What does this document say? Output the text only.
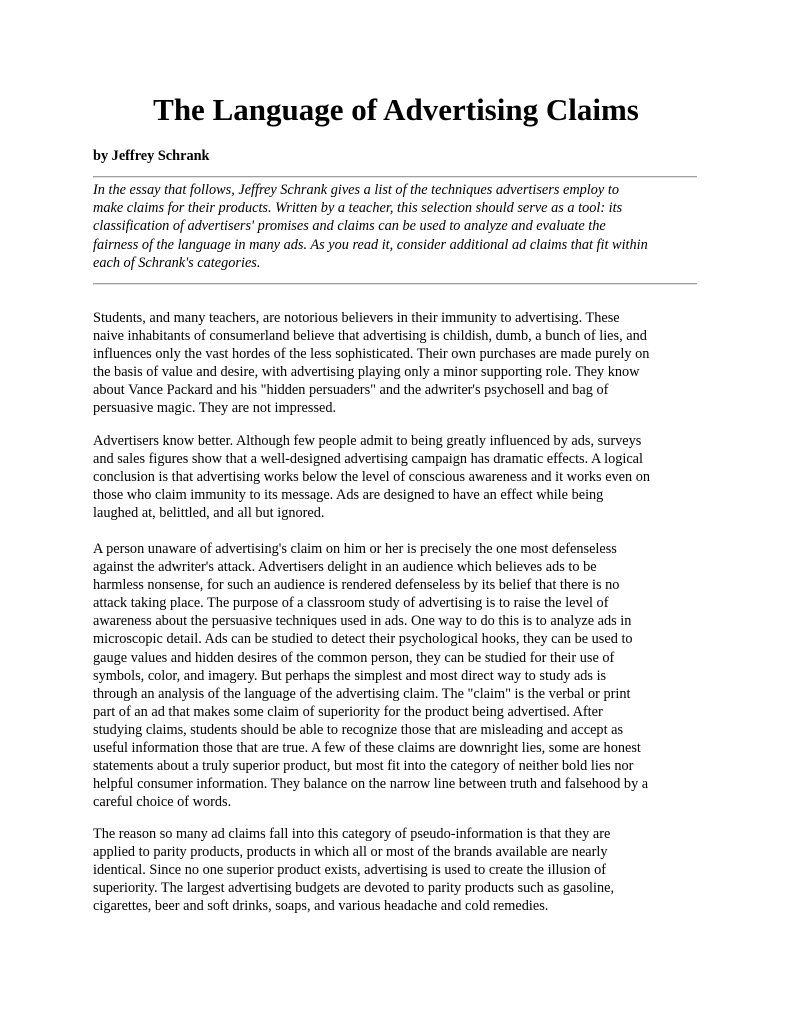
The Language of Advertising Claims
by Jeffrey Schrank

In the essay that follows, Jeffrey Schrank gives a list of the techniques advertisers employ to
make claims for their products. Written by a teacher, this selection should serve as a tool: its
classification of advertisers' promises and claims can be used to analyze and evaluate the
fairness of the language in many ads. As you read it, consider additional ad claims that fit within
each of Schrank's categories.

Students, and many teachers, are notorious believers in their immunity to advertising. These
naive inhabitants of consumerland believe that advertising is childish, dumb, a bunch of lies, and
influences only the vast hordes of the less sophisticated. Their own purchases are made purely on
the basis of value and desire, with advertising playing only a minor supporting role. They know
about Vance Packard and his "hidden persuaders" and the adwriter's psychosell and bag of
persuasive magic. They are not impressed.

Advertisers know better. Although few people admit to being greatly influenced by ads, surveys
and sales figures show that a well-designed advertising campaign has dramatic effects. A logical
conclusion is that advertising works below the level of conscious awareness and it works even on
those who claim immunity to its message. Ads are designed to have an effect while being
laughed at, belittled, and all but ignored.

A person unaware of advertising's claim on him or her is precisely the one most defenseless
against the adwriter's attack. Advertisers delight in an audience which believes ads to be
harmless nonsense, for such an audience is rendered defenseless by its belief that there is no
attack taking place. The purpose of a classroom study of advertising is to raise the level of
awareness about the persuasive techniques used in ads. One way to do this is to analyze ads in
microscopic detail. Ads can be studied to detect their psychological hooks, they can be used to
gauge values and hidden desires of the common person, they can be studied for their use of
symbols, color, and imagery. But perhaps the simplest and most direct way to study ads is
through an analysis of the language of the advertising claim. The "claim" is the verbal or print
part of an ad that makes some claim of superiority for the product being advertised. After
studying claims, students should be able to recognize those that are misleading and accept as
useful information those that are true. A few of these claims are downright lies, some are honest
statements about a truly superior product, but most fit into the category of neither bold lies nor
helpful consumer information. They balance on the narrow line between truth and falsehood by a
careful choice of words.

The reason so many ad claims fall into this category of pseudo-information is that they are
applied to parity products, products in which all or most of the brands available are nearly
identical. Since no one superior product exists, advertising is used to create the illusion of
superiority. The largest advertising budgets are devoted to parity products such as gasoline,
cigarettes, beer and soft drinks, soaps, and various headache and cold remedies.
